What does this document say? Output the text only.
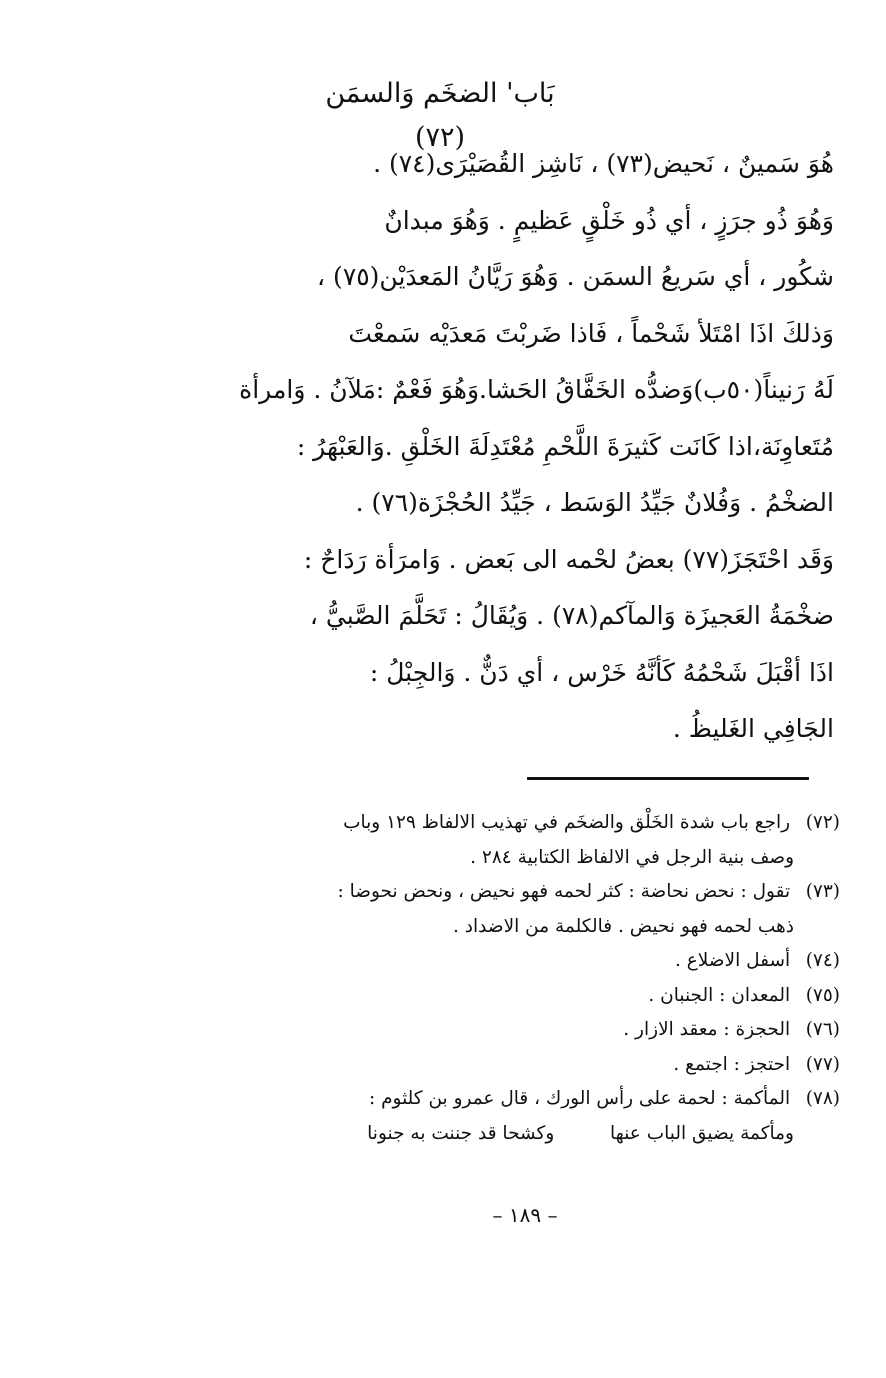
بَاب' الضخَم وَالسمَن (٧٢)
هُوَ سَمينٌ ، نَحيض(٧٣) ، نَاشِز القُصَيْرَى(٧٤) .
وَهُوَ ذُو جرَزٍ ، أي ذُو خَلْقٍ عَظيمٍ . وَهُوَ مبدانٌ
شكُور ، أي سَريعُ السمَن . وَهُوَ رَيَّانُ المَعدَيْن(٧٥) ،
وَذلكَ اذَا امْتَلأ شَحْماً ، فَاذا ضَربْتَ مَعدَيْه سَمعْتَ
لَهُ رَنيناً(٥٠ب)وَضدُّه الخَفَّاقُ الحَشا.وَهُوَ فَعْمٌ :مَلآنُ . وَامرأة
مُتَعاوِنَة،اذا كَانَت كَثيرَةَ اللَّحْمِ مُعْتَدِلَةَ الخَلْقِ .وَالعَبْهَرُ :
الضخْمُ . وَفُلانٌ جَيِّدُ الوَسَط ، جَيِّدُ الحُجْزَة(٧٦) .
وَقَد احْتَجَزَ(٧٧) بعضُ لحْمه الى بَعض . وَامرَأة رَدَاحٌ :
ضخْمَةُ العَجيزَة وَالمآكم(٧٨) . وَيُقَالُ : تَحَلَّمَ الصَّبيُّ ،
اذَا أقْبَلَ شَحْمُهُ كَأنَّهُ خَرْس ، أي دَنٌّ . وَالجِبْلُ :
الجَافِي الغَليظُ .
(٧٢) راجع باب شدة الخَلْق والضخَم في تهذيب الالفاظ ١٢٩ وباب
وصف بنية الرجل في الالفاظ الكتابية ٢٨٤ .
(٧٣) تقول : نحض نحاضة : كثر لحمه فهو نحيض ، ونحض نحوضا :
ذهب لحمه فهو نحيض . فالكلمة من الاضداد .
(٧٤) أسفل الاضلاع .
(٧٥) المعدان : الجنبان .
(٧٦) الحجزة : معقد الازار .
(٧٧) احتجز : اجتمع .
(٧٨) المأكمة : لحمة على رأس الورك ، قال عمرو بن كلثوم :
ومأكمة يضيق الباب عنها  وكشحا قد جننت به جنونا
– ١٨٩ –
